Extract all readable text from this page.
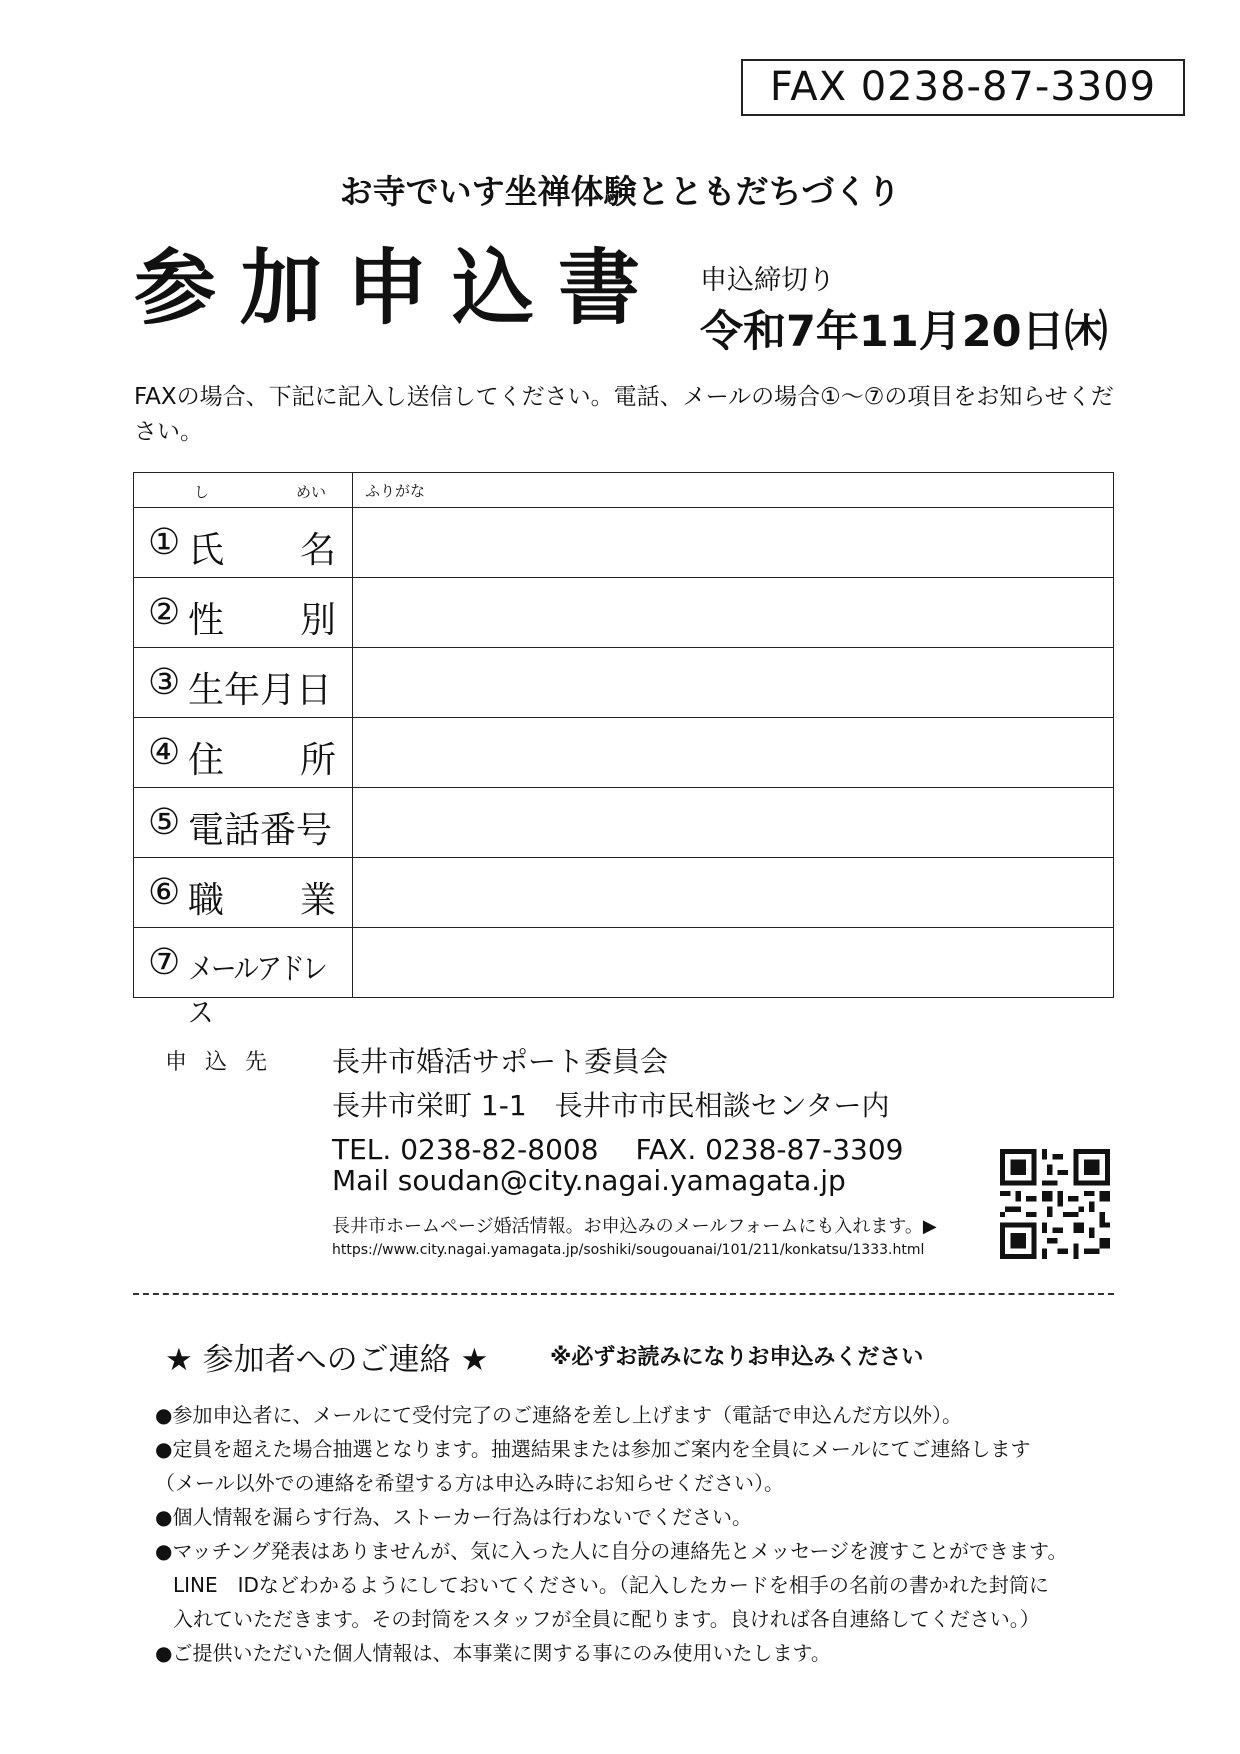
FAX 0238-87-3309
お寺でいす坐禅体験とともだちづくり
参加申込書 申込締切り
令和7年11月20日㈭
FAXの場合、下記に記入し送信してください。電話、メールの場合①～⑦の項目をお知らせください。
し めい	ふりがな

① 氏 名	

② 性 別	

③ 生年月日	

④ 住 所	

⑤ 電話番号	

⑥ 職 業	

⑦ メールアドレス	

申込先 長井市婚活サポート委員会
長井市栄町 1-1　長井市市民相談センター内
TEL. 0238-82-8008　 FAX. 0238-87-3309
Mail soudan@city.nagai.yamagata.jp
長井市ホームページ婚活情報。お申込みのメールフォームにも入れます。▶
https://www.city.nagai.yamagata.jp/soshiki/sougouanai/101/211/konkatsu/1333.html
★ 参加者へのご連絡 ★	※必ずお読みになりお申込みください
●参加申込者に、メールにて受付完了のご連絡を差し上げます（電話で申込んだ方以外）。
●定員を超えた場合抽選となります。抽選結果または参加ご案内を全員にメールにてご連絡します
（メール以外での連絡を希望する方は申込み時にお知らせください）。
●個人情報を漏らす行為、ストーカー行為は行わないでください。
●マッチング発表はありませんが、気に入った人に自分の連絡先とメッセージを渡すことができます。
LINE　IDなどわかるようにしておいてください。（記入したカードを相手の名前の書かれた封筒に
入れていただきます。その封筒をスタッフが全員に配ります。良ければ各自連絡してください。）
●ご提供いただいた個人情報は、本事業に関する事にのみ使用いたします。
